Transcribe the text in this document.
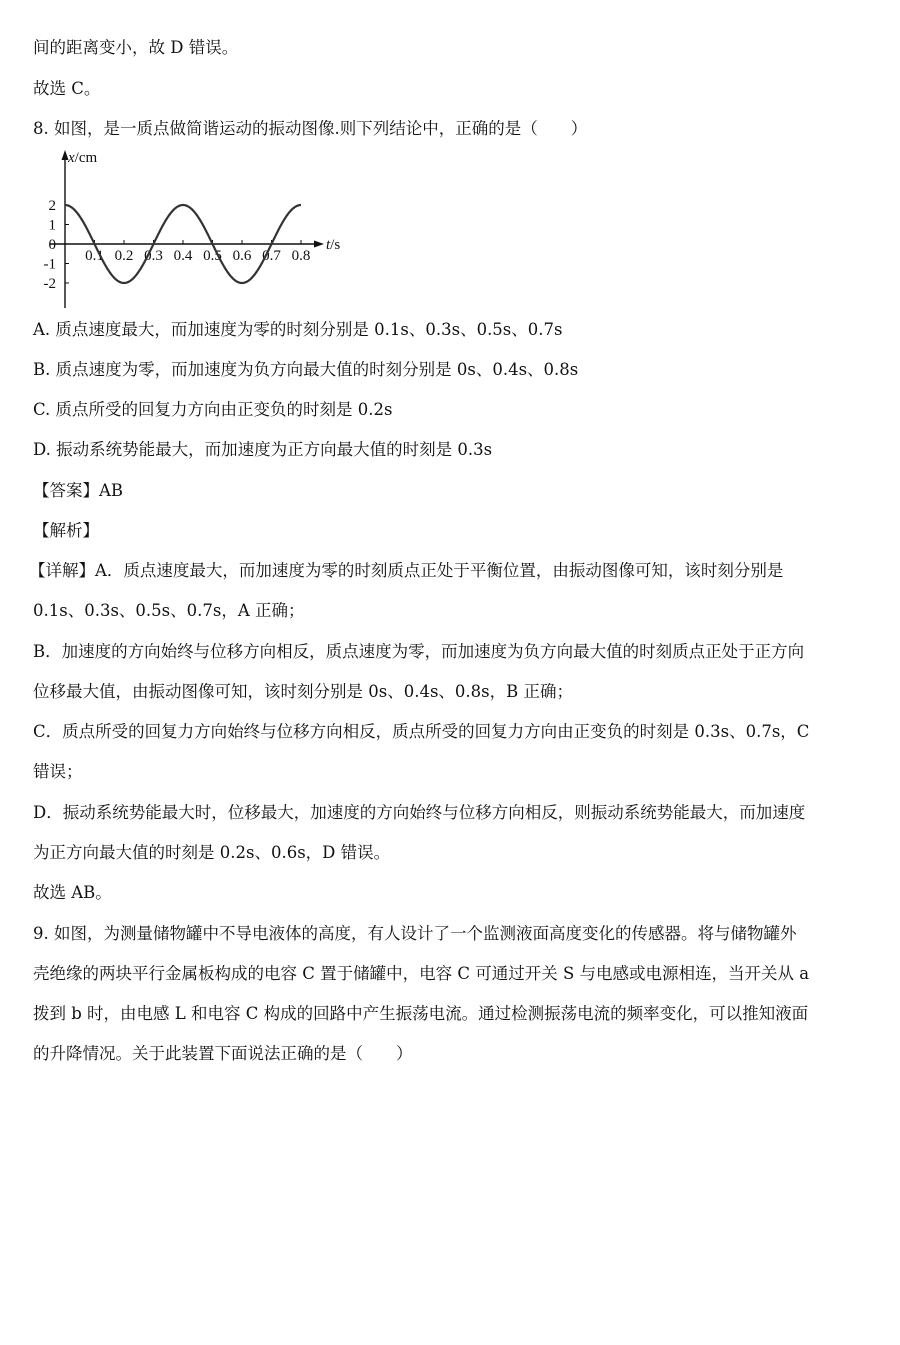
间的距离变小，故 D 错误。
故选 C。
8. 如图，是一质点做简谐运动的振动图像.则下列结论中，正确的是（　　）
x/cm
t/s
2
1
0
-1
-2
0.1 0.2 0.3 0.4 0.5 0.6 0.7 0.8
A. 质点速度最大，而加速度为零的时刻分别是 0.1s、0.3s、0.5s、0.7s
B. 质点速度为零，而加速度为负方向最大值的时刻分别是 0s、0.4s、0.8s
C. 质点所受的回复力方向由正变负的时刻是 0.2s
D. 振动系统势能最大，而加速度为正方向最大值的时刻是 0.3s
【答案】AB
【解析】
【详解】A．质点速度最大，而加速度为零的时刻质点正处于平衡位置，由振动图像可知，该时刻分别是
0.1s、0.3s、0.5s、0.7s，A 正确；
B．加速度的方向始终与位移方向相反，质点速度为零，而加速度为负方向最大值的时刻质点正处于正方向
位移最大值，由振动图像可知，该时刻分别是 0s、0.4s、0.8s，B 正确；
C．质点所受的回复力方向始终与位移方向相反，质点所受的回复力方向由正变负的时刻是 0.3s、0.7s，C
错误；
D．振动系统势能最大时，位移最大，加速度的方向始终与位移方向相反，则振动系统势能最大，而加速度
为正方向最大值的时刻是 0.2s、0.6s，D 错误。
故选 AB。
9. 如图，为测量储物罐中不导电液体的高度，有人设计了一个监测液面高度变化的传感器。将与储物罐外
壳绝缘的两块平行金属板构成的电容 C 置于储罐中，电容 C 可通过开关 S 与电感或电源相连，当开关从 a
拨到 b 时，由电感 L 和电容 C 构成的回路中产生振荡电流。通过检测振荡电流的频率变化，可以推知液面
的升降情况。关于此装置下面说法正确的是（　　）
